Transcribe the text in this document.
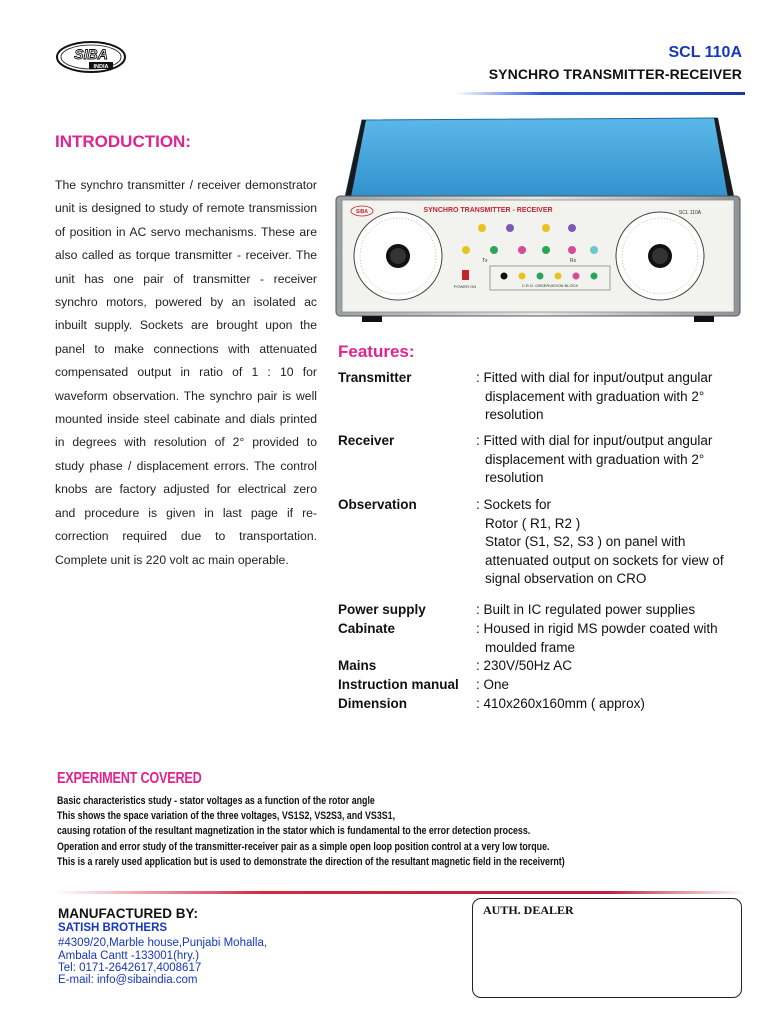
SIBA
INDIA
SCL 110A
SYNCHRO TRANSMITTER-RECEIVER
INTRODUCTION:
The synchro transmitter / receiver demonstrator unit is designed to study of remote transmission of position in AC servo mechanisms. These are also called as torque transmitter - receiver. The unit has one pair of transmitter - receiver synchro motors, powered by an isolated ac inbuilt supply. Sockets are brought upon the panel to make connections with attenuated compensated output in ratio of 1 : 10 for waveform observation. The synchro pair is well mounted inside steel cabinate and dials printed in degrees with resolution of 2° provided to study phase / displacement errors. The control knobs are factory adjusted for electrical zero and procedure is given in last page if re-correction required due to transportation. Complete unit is 220 volt ac main operable.
SYNCHRO TRANSMITTER - RECEIVER	SCL 110A
SIBA
Tx	Rx
C.R.O. OBSERVATION BLOCK
POWER ON
Features:
Transmitter	: Fitted with dial for input/output angular
displacement with graduation with 2°
resolution
Receiver	: Fitted with dial for input/output angular
displacement with graduation with 2°
resolution
Observation	: Sockets for
Rotor ( R1, R2 )
Stator (S1, S2, S3 ) on panel with
attenuated output on sockets for view of
signal observation on CRO
Power supply	: Built in IC regulated power supplies
Cabinate	: Housed in rigid MS powder coated with
moulded frame
Mains	: 230V/50Hz AC
Instruction manual : One
Dimension	: 410x260x160mm ( approx)
EXPERIMENT COVERED
Basic characteristics study - stator voltages as a function of the rotor angle
This shows the space variation of the three voltages, VS1S2, VS2S3, and VS3S1,
causing rotation of the resultant magnetization in the stator which is fundamental to the error detection process.
Operation and error study of the transmitter-receiver pair as a simple open loop position control at a very low torque.
This is a rarely used application but is used to demonstrate the direction of the resultant magnetic field in the receivernt)
MANUFACTURED BY:
SATISH BROTHERS
#4309/20,Marble house,Punjabi Mohalla,
Ambala Cantt -133001(hry.)
Tel: 0171-2642617,4008617
E-mail: info@sibaindia.com
AUTH. DEALER
